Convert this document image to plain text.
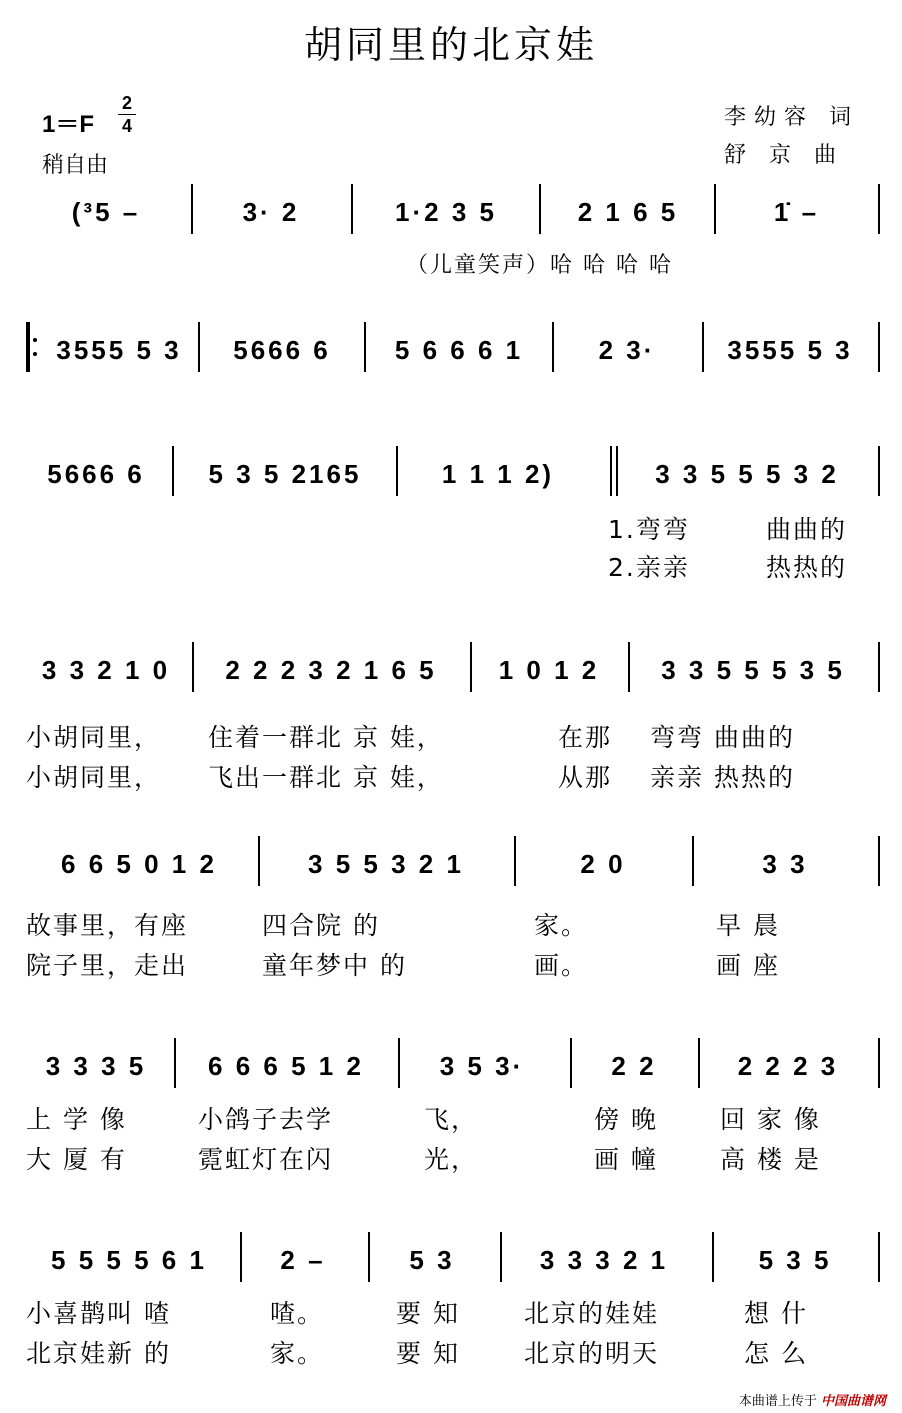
胡同里的北京娃
1＝F
2
4
稍自由
李幼容 词
舒 京 曲
(³5 –	3· 2	1·2 3 5	2 1 6 5	1̇ –
（儿童笑声）哈 哈 哈 哈
3555 5 3	5666 6	5 6 6 6 1	2 3·	3555 5 3
5666 6	5 3 5 2165	1 1 1 2)	3 3 5 5 5 3 2
1.弯弯	曲曲的
2.亲亲	热热的
3 3 2 1 0	2 2 2 3 2 1 6 5	1 0 1 2	3 3 5 5 5 3 5
小胡同里， 住着一群北 京 娃，	在那 弯弯 曲曲的
小胡同里， 飞出一群北 京 娃，	从那 亲亲 热热的
6 6 5 0 1 2	3 5 5 3 2 1	2 0	3 3
故事里，有座	四合院 的	家。	早 晨
院子里，走出	童年梦中 的	画。	画 座
3 3 3 5	6 6 6 5 1 2	3 5 3·	2 2	2 2 2 3
上 学 像	小鸽子去学	飞，	傍 晚 回 家 像
大 厦 有	霓虹灯在闪	光，	画 幢 高 楼 是
5 5 5 5 6 1	2 –	5 3	3 3 3 2 1	5 3 5
小喜鹊叫 喳	喳。	要 知	北京的娃娃	想 什
北京娃新 的	家。	要 知	北京的明天	怎 么
本曲谱上传于 中国曲谱网
